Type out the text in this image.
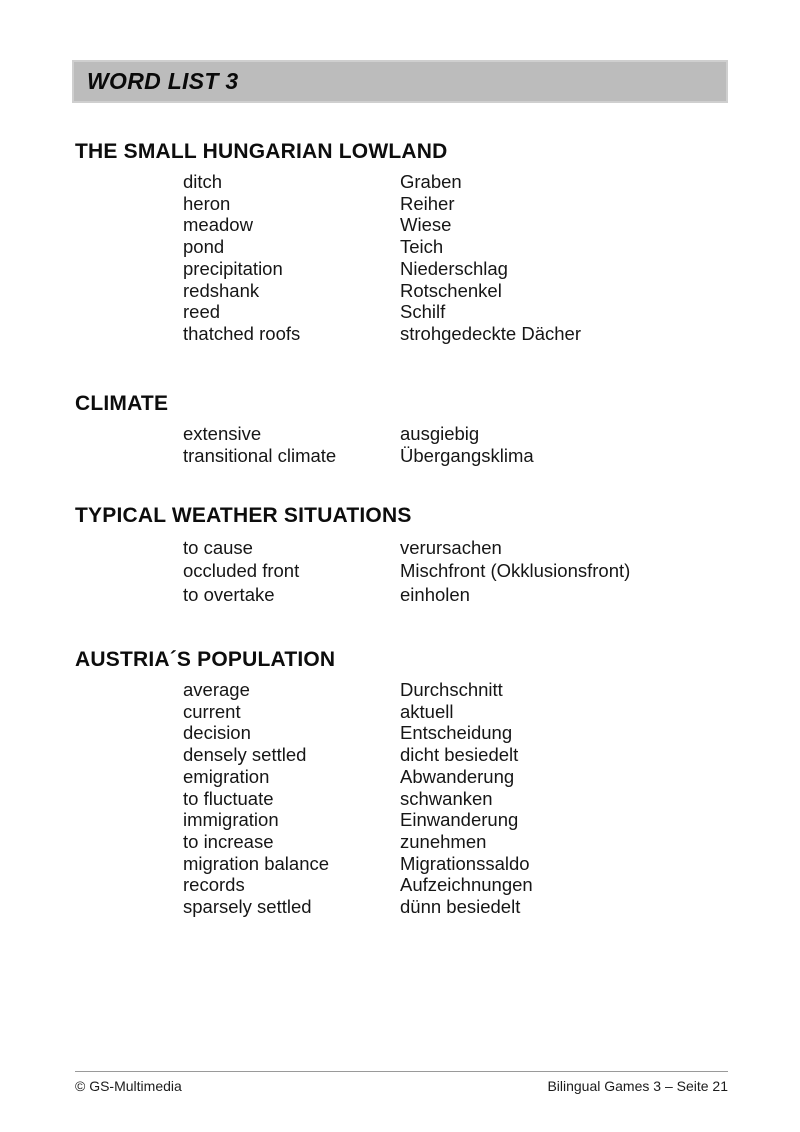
WORD LIST 3
THE SMALL HUNGARIAN LOWLAND
ditch	Graben
heron	Reiher
meadow	Wiese
pond	Teich
precipitation	Niederschlag
redshank	Rotschenkel
reed	Schilf
thatched roofs	strohgedeckte Dächer
CLIMATE
extensive	ausgiebig
transitional climate	Übergangsklima
TYPICAL WEATHER SITUATIONS
to cause	verursachen
occluded front	Mischfront (Okklusionsfront)
to overtake	einholen
AUSTRIA´S POPULATION
average	Durchschnitt
current	aktuell
decision	Entscheidung
densely settled	dicht besiedelt
emigration	Abwanderung
to fluctuate	schwanken
immigration	Einwanderung
to increase	zunehmen
migration balance	Migrationssaldo
records	Aufzeichnungen
sparsely settled	dünn besiedelt
© GS-Multimedia	Bilingual Games 3 – Seite 21
